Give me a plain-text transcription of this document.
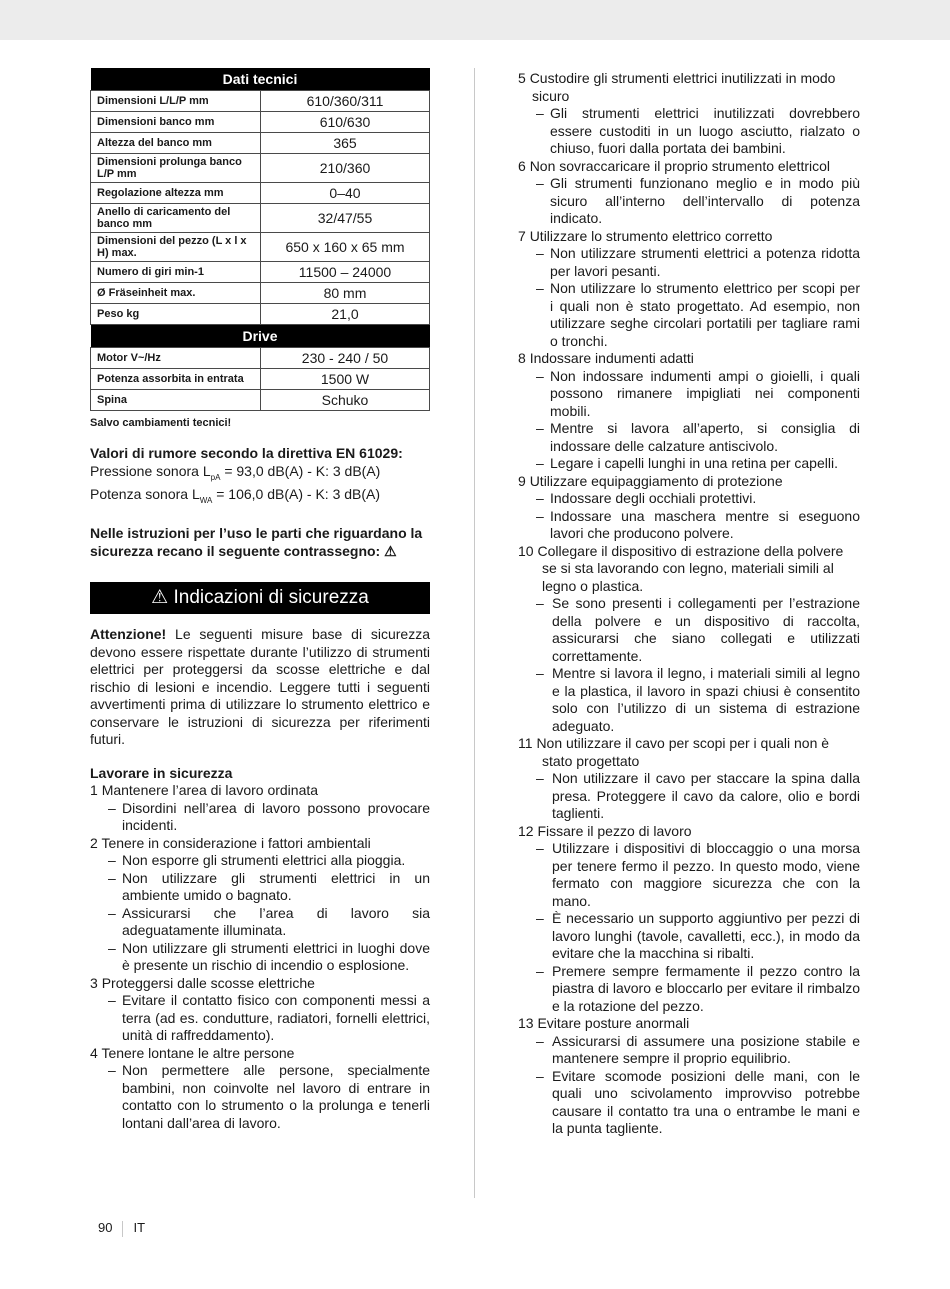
Dati tecnici	
Dimensioni L/L/P mm	610/360/311
Dimensioni banco mm	610/630
Altezza del banco mm	365
Dimensioni prolunga banco L/P mm	210/360
Regolazione altezza mm	0–40
Anello di caricamento del banco mm	32/47/55
Dimensioni del pezzo (L x l x H) max.	650 x 160 x 65 mm
Numero di giri min-1	11500 – 24000
Ø Fräseinheit max.	80 mm
Peso kg	21,0
Drive	
Motor V~/Hz	230 - 240 / 50
Potenza assorbita in entrata	1500 W
Spina	Schuko
Salvo cambiamenti tecnici!
Valori di rumore secondo la direttiva EN 61029:
Pressione sonora $L_{pA} = 93,0$ dB(A) - K: 3 dB(A)
Potenza sonora $L_{WA} = 106,0$ dB(A) - K: 3 dB(A)
Nelle istruzioni per l’uso le parti che riguardano la sicurezza recano il seguente contrassegno: ⚠
⚠ Indicazioni di sicurezza
Attenzione! Le seguenti misure base di sicurezza devono essere rispettate durante l’utilizzo di strumenti elettrici per proteggersi da scosse elettriche e dal rischio di lesioni e incendio. Leggere tutti i seguenti avvertimenti prima di utilizzare lo strumento elettrico e conservare le istruzioni di sicurezza per riferimenti futuri.
Lavorare in sicurezza
1 Mantenere l’area di lavoro ordinata
– Disordini nell’area di lavoro possono provocare incidenti.
2 Tenere in considerazione i fattori ambientali
– Non esporre gli strumenti elettrici alla pioggia.
– Non utilizzare gli strumenti elettrici in un ambiente umido o bagnato.
– Assicurarsi che l’area di lavoro sia adeguatamente illuminata.
– Non utilizzare gli strumenti elettrici in luoghi dove è presente un rischio di incendio o esplosione.
3 Proteggersi dalle scosse elettriche
– Evitare il contatto fisico con componenti messi a terra (ad es. condutture, radiatori, fornelli elettrici, unità di raffreddamento).
4 Tenere lontane le altre persone
– Non permettere alle persone, specialmente bambini, non coinvolte nel lavoro di entrare in contatto con lo strumento o la prolunga e tenerli lontani dall’area di lavoro.
5 Custodire gli strumenti elettrici inutilizzati in modo sicuro
– Gli strumenti elettrici inutilizzati dovrebbero essere custoditi in un luogo asciutto, rialzato o chiuso, fuori dalla portata dei bambini.
6 Non sovraccaricare il proprio strumento elettricol
– Gli strumenti funzionano meglio e in modo più sicuro all’interno dell’intervallo di potenza indicato.
7 Utilizzare lo strumento elettrico corretto
– Non utilizzare strumenti elettrici a potenza ridotta per lavori pesanti.
– Non utilizzare lo strumento elettrico per scopi per i quali non è stato progettato. Ad esempio, non utilizzare seghe circolari portatili per tagliare rami o tronchi.
8 Indossare indumenti adatti
– Non indossare indumenti ampi o gioielli, i quali possono rimanere impigliati nei componenti mobili.
– Mentre si lavora all’aperto, si consiglia di indossare delle calzature antiscivolo.
– Legare i capelli lunghi in una retina per capelli.
9 Utilizzare equipaggiamento di protezione
– Indossare degli occhiali protettivi.
– Indossare una maschera mentre si eseguono lavori che producono polvere.
10 Collegare il dispositivo di estrazione della polvere se si sta lavorando con legno, materiali simili al legno o plastica.
– Se sono presenti i collegamenti per l’estrazione della polvere e un dispositivo di raccolta, assicurarsi che siano collegati e utilizzati correttamente.
– Mentre si lavora il legno, i materiali simili al legno e la plastica, il lavoro in spazi chiusi è consentito solo con l’utilizzo di un sistema di estrazione adeguato.
11 Non utilizzare il cavo per scopi per i quali non è stato progettato
– Non utilizzare il cavo per staccare la spina dalla presa. Proteggere il cavo da calore, olio e bordi taglienti.
12 Fissare il pezzo di lavoro
– Utilizzare i dispositivi di bloccaggio o una morsa per tenere fermo il pezzo. In questo modo, viene fermato con maggiore sicurezza che con la mano.
– È necessario un supporto aggiuntivo per pezzi di lavoro lunghi (tavole, cavalletti, ecc.), in modo da evitare che la macchina si ribalti.
– Premere sempre fermamente il pezzo contro la piastra di lavoro e bloccarlo per evitare il rimbalzo e la rotazione del pezzo.
13 Evitare posture anormali
– Assicurarsi di assumere una posizione stabile e mantenere sempre il proprio equilibrio.
– Evitare scomode posizioni delle mani, con le quali uno scivolamento improvviso potrebbe causare il contatto tra una o entrambe le mani e la punta tagliente.
90 IT
